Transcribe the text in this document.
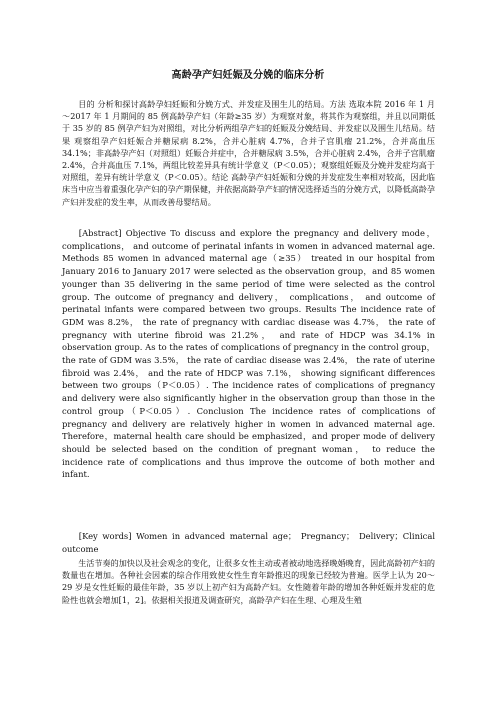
高龄孕产妇妊娠及分娩的临床分析

目的 分析和探讨高龄孕妇妊娠和分娩方式、并发症及围生儿的结局。方法 选取本院 2016 年 1 月～2017 年 1 月期间的 85 例高龄孕产妇（年龄≥35 岁）为观察对象，将其作为观察组，并且以同期低于 35 岁的 85 例孕产妇为对照组，对比分析两组孕产妇的妊娠及分娩结局、并发症以及围生儿结局。结果 观察组孕产妇妊娠合并糖尿病 8.2%，合并心脏病 4.7%，合并子宫肌瘤 21.2%，合并高血压 34.1%；非高龄孕产妇（对照组）妊娠合并症中，合并糖尿病 3.5%，合并心脏病 2.4%，合并子宫肌瘤 2.4%，合并高血压 7.1%，两组比较差异具有统计学意义（P＜0.05）；观察组妊娠及分娩并发症均高于对照组，差异有统计学意义（P＜0.05）。结论 高龄孕产妇妊娠和分娩的并发症发生率相对较高，因此临床当中应当着重强化孕产妇的孕产期保健，并依据高龄孕产妇的情况选择适当的分娩方式，以降低高龄孕产妇并发症的发生率，从而改善母婴结局。

[Abstract] Objective To discuss and explore the pregnancy and delivery mode， complications， and outcome of perinatal infants in women in advanced maternal age. Methods 85 women in advanced maternal age（≥35） treated in our hospital from January 2016 to January 2017 were selected as the observation group，and 85 women younger than 35 delivering in the same period of time were selected as the control group. The outcome of pregnancy and delivery， complications， and outcome of perinatal infants were compared between two groups. Results The incidence rate of GDM was 8.2%， the rate of pregnancy with cardiac disease was 4.7%， the rate of pregnancy with uterine fibroid was 21.2%， and rate of HDCP was 34.1% in observation group. As to the rates of complications of pregnancy in the control group， the rate of GDM was 3.5%， the rate of cardiac disease was 2.4%， the rate of uterine fibroid was 2.4%， and the rate of HDCP was 7.1%， showing significant differences between two groups（P＜0.05）. The incidence rates of complications of pregnancy and delivery were also significantly higher in the observation group than those in the control group（P＜0.05）. Conclusion The incidence rates of complications of pregnancy and delivery are relatively higher in women in advanced maternal age. Therefore，maternal health care should be emphasized，and proper mode of delivery should be selected based on the condition of pregnant woman， to reduce the incidence rate of complications and thus improve the outcome of both mother and infant.

[Key words] Women in advanced maternal age； Pregnancy； Delivery；Clinical outcome

生活节奏的加快以及社会观念的变化，让很多女性主动或者被动地选择晚婚晚育，因此高龄初产妇的数量也在增加。各种社会因素的综合作用致使女性生育年龄推迟的现象已经较为普遍。医学上认为 20～29 岁是女性妊娠的最佳年龄，35 岁以上初产妇为高龄产妇。女性随着年龄的增加各种妊娠并发症的危险性也就会增加[1，2]。依据相关报道及调查研究，高龄孕产妇在生理、心理及生殖
